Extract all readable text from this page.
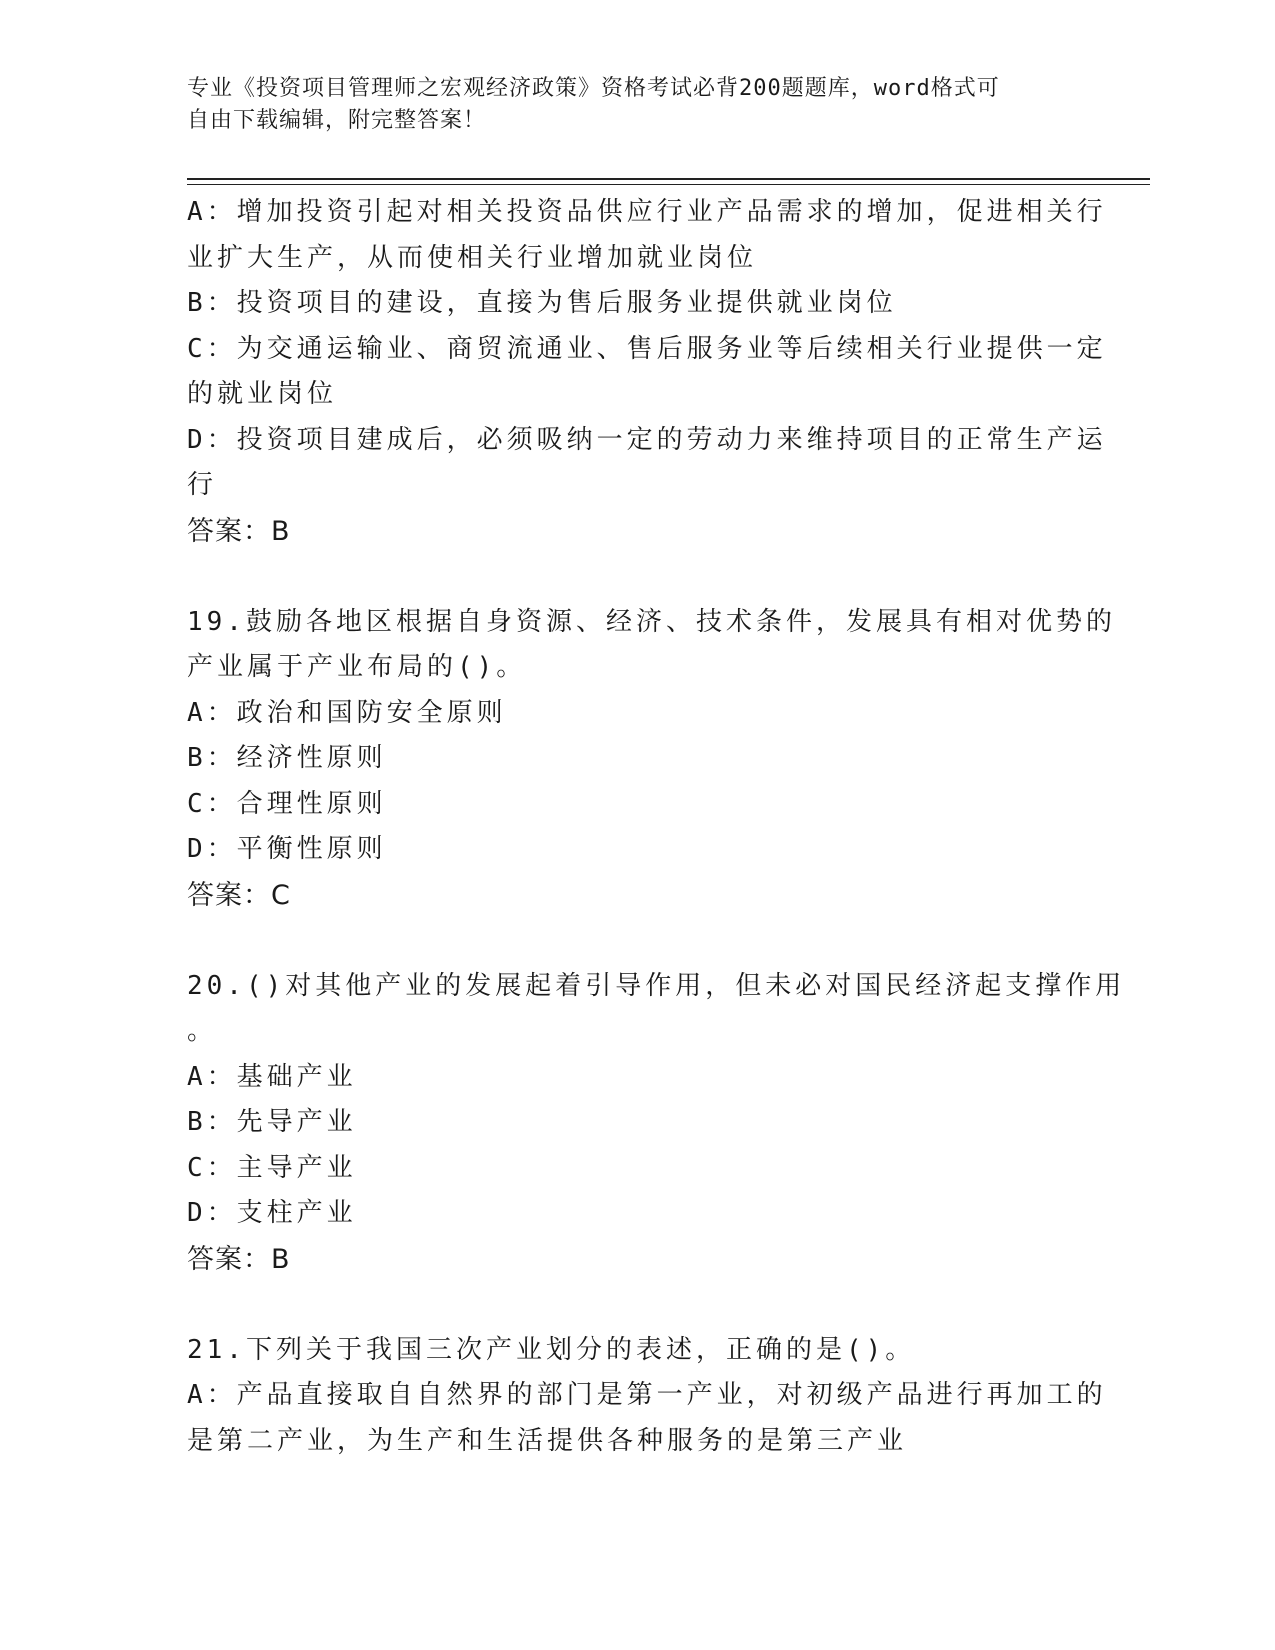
专业《投资项目管理师之宏观经济政策》资格考试必背200题题库，word格式可
自由下载编辑，附完整答案！
A：增加投资引起对相关投资品供应行业产品需求的增加，促进相关行
业扩大生产，从而使相关行业增加就业岗位
B：投资项目的建设，直接为售后服务业提供就业岗位
C：为交通运输业、商贸流通业、售后服务业等后续相关行业提供一定
的就业岗位
D：投资项目建成后，必须吸纳一定的劳动力来维持项目的正常生产运
行
答案：B
19.鼓励各地区根据自身资源、经济、技术条件，发展具有相对优势的
产业属于产业布局的()。
A：政治和国防安全原则
B：经济性原则
C：合理性原则
D：平衡性原则
答案：C
20.()对其他产业的发展起着引导作用，但未必对国民经济起支撑作用
。
A：基础产业
B：先导产业
C：主导产业
D：支柱产业
答案：B
21.下列关于我国三次产业划分的表述，正确的是()。
A：产品直接取自自然界的部门是第一产业，对初级产品进行再加工的
是第二产业，为生产和生活提供各种服务的是第三产业
